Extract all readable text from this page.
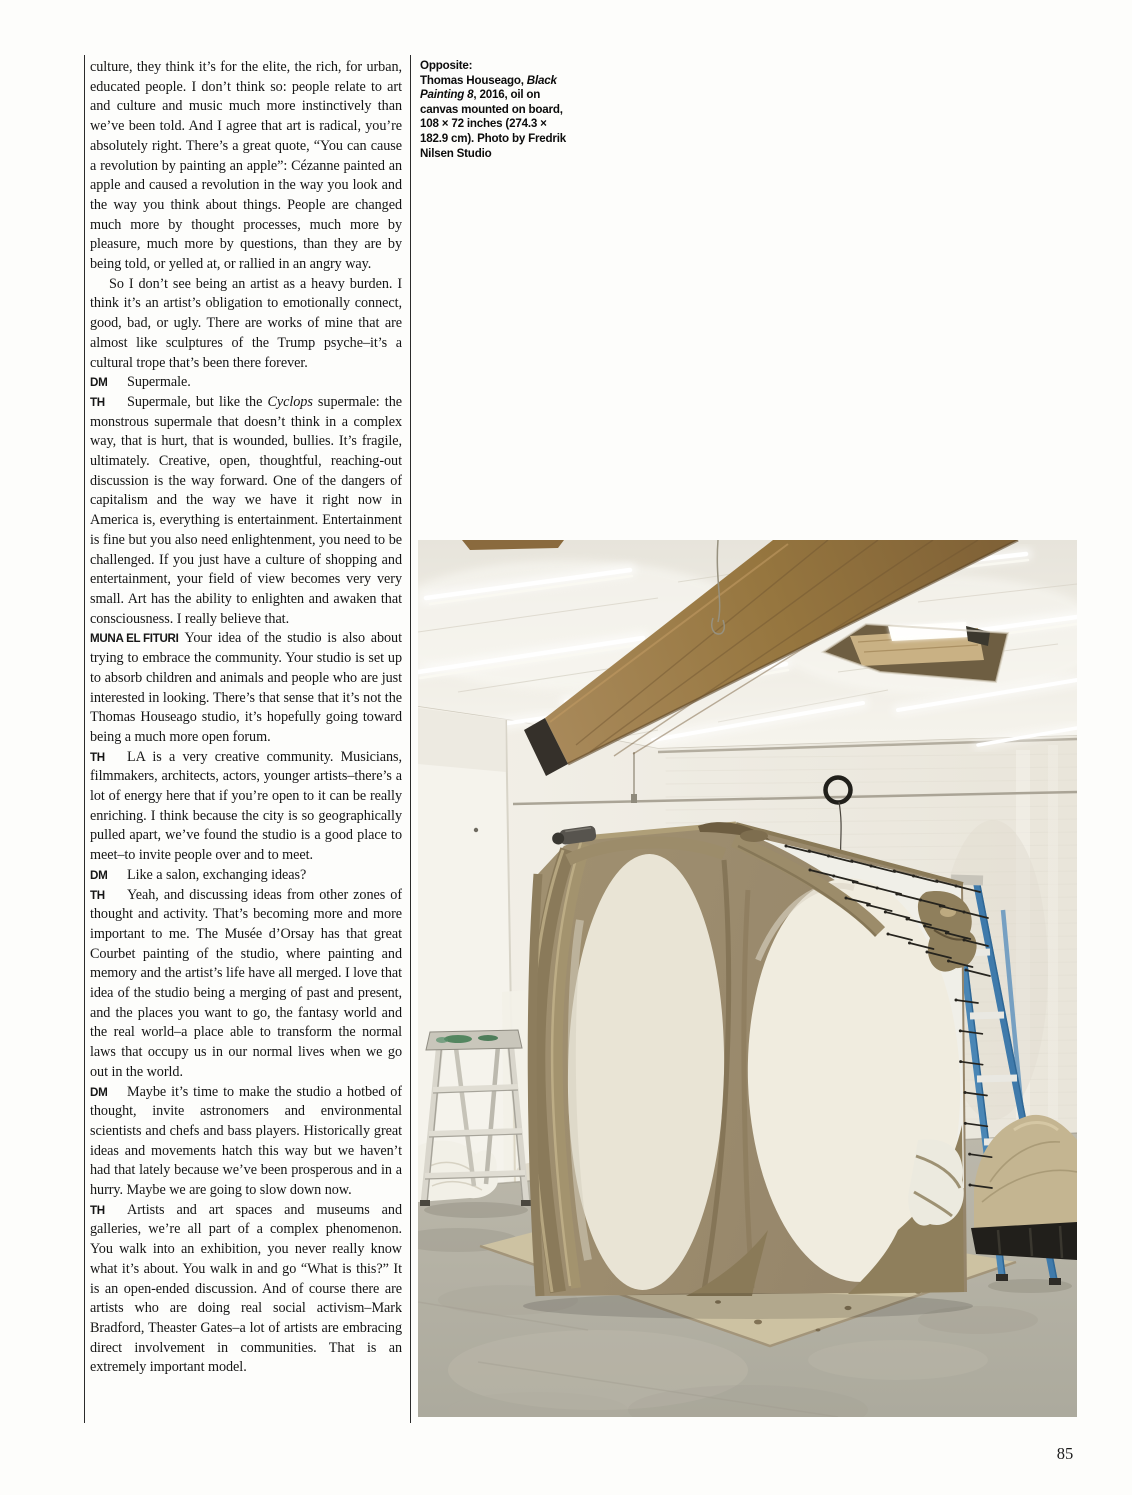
culture, they think it’s for the elite, the rich, for urban, educated people. I don’t think so: people relate to art and culture and music much more instinctively than we’ve been told. And I agree that art is radical, you’re absolutely right. There’s a great quote, “You can cause a revolution by painting an apple”: Cézanne painted an apple and caused a revolution in the way you look and the way you think about things. People are changed much more by thought processes, much more by pleasure, much more by questions, than they are by being told, or yelled at, or rallied in an angry way.

So I don’t see being an artist as a heavy burden. I think it’s an artist’s obligation to emotionally connect, good, bad, or ugly. There are works of mine that are almost like sculptures of the Trump psyche–it’s a cultural trope that’s been there forever.

DM Supermale.

TH Supermale, but like the Cyclops supermale: the monstrous supermale that doesn’t think in a complex way, that is hurt, that is wounded, bullies. It’s fragile, ultimately. Creative, open, thoughtful, reaching-out discussion is the way forward. One of the dangers of capitalism and the way we have it right now in America is, everything is entertainment. Entertainment is fine but you also need enlightenment, you need to be challenged. If you just have a culture of shopping and entertainment, your field of view becomes very very small. Art has the ability to enlighten and awaken that consciousness. I really believe that.

MUNA EL FITURI Your idea of the studio is also about trying to embrace the community. Your studio is set up to absorb children and animals and people who are just interested in looking. There’s that sense that it’s not the Thomas Houseago studio, it’s hopefully going toward being a much more open forum.

TH LA is a very creative community. Musicians, filmmakers, architects, actors, younger artists–there’s a lot of energy here that if you’re open to it can be really enriching. I think because the city is so geographically pulled apart, we’ve found the studio is a good place to meet–to invite people over and to meet.

DM Like a salon, exchanging ideas?

TH Yeah, and discussing ideas from other zones of thought and activity. That’s becoming more and more important to me. The Musée d’Orsay has that great Courbet painting of the studio, where painting and memory and the artist’s life have all merged. I love that idea of the studio being a merging of past and present, and the places you want to go, the fantasy world and the real world–a place able to transform the normal laws that occupy us in our normal lives when we go out in the world.

DM Maybe it’s time to make the studio a hotbed of thought, invite astronomers and environmental scientists and chefs and bass players. Historically great ideas and movements hatch this way but we haven’t had that lately because we’ve been prosperous and in a hurry. Maybe we are going to slow down now.

TH Artists and art spaces and museums and galleries, we’re all part of a complex phenomenon. You walk into an exhibition, you never really know what it’s about. You walk in and go “What is this?” It is an open-ended discussion. And of course there are artists who are doing real social activism–Mark Bradford, Theaster Gates–a lot of artists are embracing direct involvement in communities. That is an extremely important model.

Opposite:
Thomas Houseago, Black
Painting 8, 2016, oil on
canvas mounted on board,
108 × 72 inches (274.3 ×
182.9 cm). Photo by Fredrik
Nilsen Studio
85
